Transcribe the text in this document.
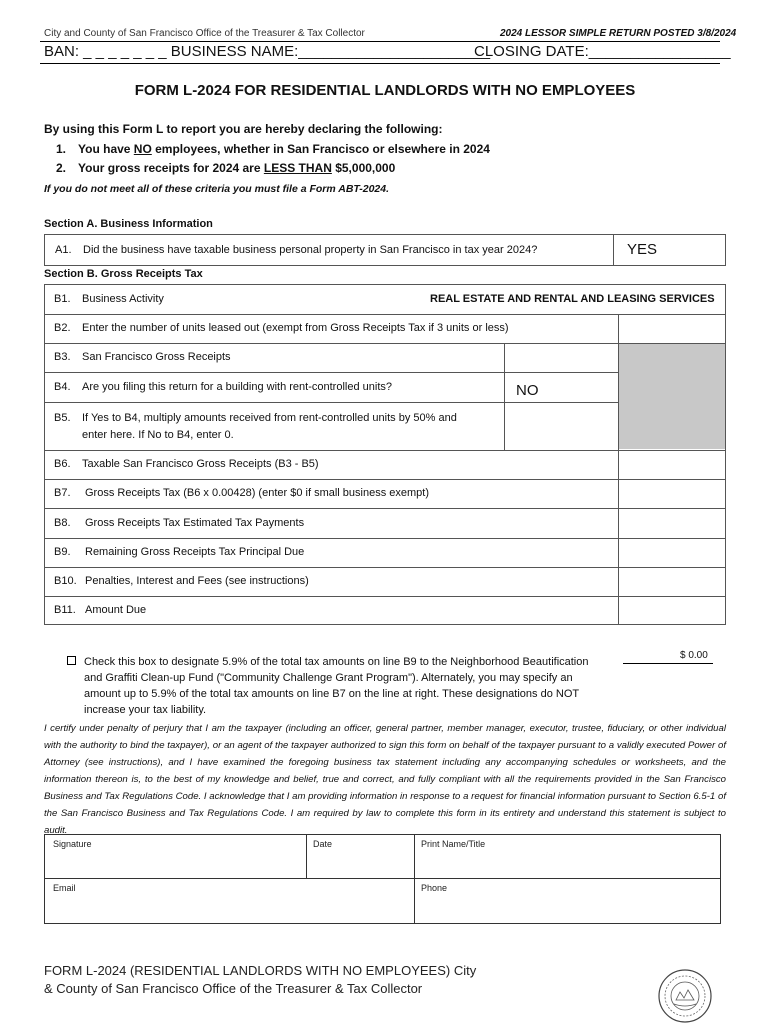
City and County of San Francisco Office of the Treasurer & Tax Collector	2024 LESSOR SIMPLE RETURN POSTED 3/8/2024
BAN: _ _ _ _ _ _ _ BUSINESS NAME:_______________________
CLOSING DATE:_________________
FORM L-2024 FOR RESIDENTIAL LANDLORDS WITH NO EMPLOYEES
By using this Form L to report you are hereby declaring the following:
1. You have NO employees, whether in San Francisco or elsewhere in 2024
2. Your gross receipts for 2024 are LESS THAN $5,000,000
If you do not meet all of these criteria you must file a Form ABT-2024.
Section A. Business Information
A1. Did the business have taxable business personal property in San Francisco in tax year 2024?	YES
Section B. Gross Receipts Tax
B1. Business Activity	REAL ESTATE AND RENTAL AND LEASING SERVICES
B2. Enter the number of units leased out (exempt from Gross Receipts Tax if 3 units or less)
B3. San Francisco Gross Receipts
B4. Are you filing this return for a building with rent-controlled units?	NO
B5. If Yes to B4, multiply amounts received from rent-controlled units by 50% and
enter here. If No to B4, enter 0.
B6. Taxable San Francisco Gross Receipts (B3 - B5)
B7. Gross Receipts Tax (B6 x 0.00428) (enter $0 if small business exempt)
B8. Gross Receipts Tax Estimated Tax Payments
B9. Remaining Gross Receipts Tax Principal Due
B10. Penalties, Interest and Fees (see instructions)
B11. Amount Due
Check this box to designate 5.9% of the total tax amounts on line B9 to the Neighborhood Beautification and Graffiti Clean-up Fund ("Community Challenge Grant Program"). Alternately, you may specify an amount up to 5.9% of the total tax amounts on line B7 on the line at right. These designations do NOT increase your tax liability.
$ 0.00
I certify under penalty of perjury that I am the taxpayer (including an officer, general partner, member manager, executor, trustee, fiduciary, or other individual with the authority to bind the taxpayer), or an agent of the taxpayer authorized to sign this form on behalf of the taxpayer pursuant to a validly executed Power of Attorney (see instructions), and I have examined the foregoing business tax statement including any accompanying schedules or worksheets, and the information thereon is, to the best of my knowledge and belief, true and correct, and fully compliant with all the requirements provided in the San Francisco Business and Tax Regulations Code. I acknowledge that I am providing information in response to a request for financial information pursuant to Section 6.5-1 of the San Francisco Business and Tax Regulations Code. I am required by law to complete this form in its entirety and understand this statement is subject to audit.
Signature	Date	Print Name/Title
Email	Phone
FORM L-2024 (RESIDENTIAL LANDLORDS WITH NO EMPLOYEES) City
& County of San Francisco Office of the Treasurer & Tax Collector
